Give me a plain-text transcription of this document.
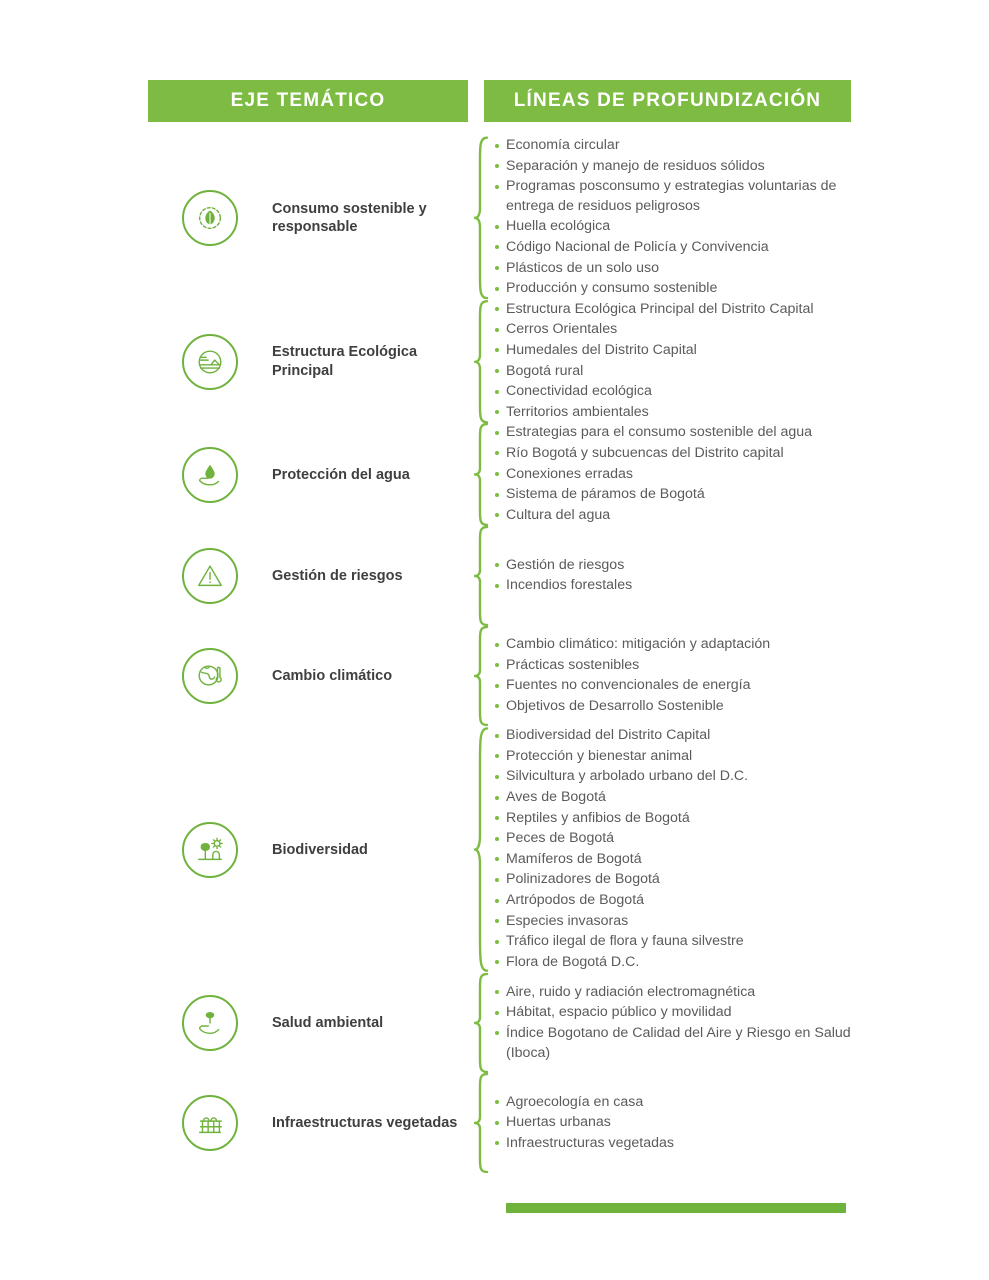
EJE TEMÁTICO	LÍNEAS DE PROFUNDIZACIÓN
Consumo sostenible y responsable
Economía circular
Separación y manejo de residuos sólidos
Programas posconsumo y estrategias voluntarias de entrega de residuos peligrosos
Huella ecológica
Código Nacional de Policía y Convivencia
Plásticos de un solo uso
Producción y consumo sostenible
Estructura Ecológica Principal
Estructura Ecológica Principal del Distrito Capital
Cerros Orientales
Humedales del Distrito Capital
Bogotá rural
Conectividad ecológica
Territorios ambientales
Protección del agua
Estrategias para el consumo sostenible del agua
Río Bogotá y subcuencas del Distrito capital
Conexiones erradas
Sistema de páramos de Bogotá
Cultura del agua
Gestión de riesgos
Gestión de riesgos
Incendios forestales
Cambio climático
Cambio climático: mitigación y adaptación
Prácticas sostenibles
Fuentes no convencionales de energía
Objetivos de Desarrollo Sostenible
Biodiversidad
Biodiversidad del Distrito Capital
Protección y bienestar animal
Silvicultura y arbolado urbano del D.C.
Aves de Bogotá
Reptiles y anfibios de Bogotá
Peces de Bogotá
Mamíferos de Bogotá
Polinizadores de Bogotá
Artrópodos de Bogotá
Especies invasoras
Tráfico ilegal de flora y fauna silvestre
Flora de Bogotá D.C.
Salud ambiental
Aire, ruido y radiación electromagnética
Hábitat, espacio público y movilidad
Índice Bogotano de Calidad del Aire y Riesgo en Salud (Iboca)
Infraestructuras vegetadas
Agroecología en casa
Huertas urbanas
Infraestructuras vegetadas
